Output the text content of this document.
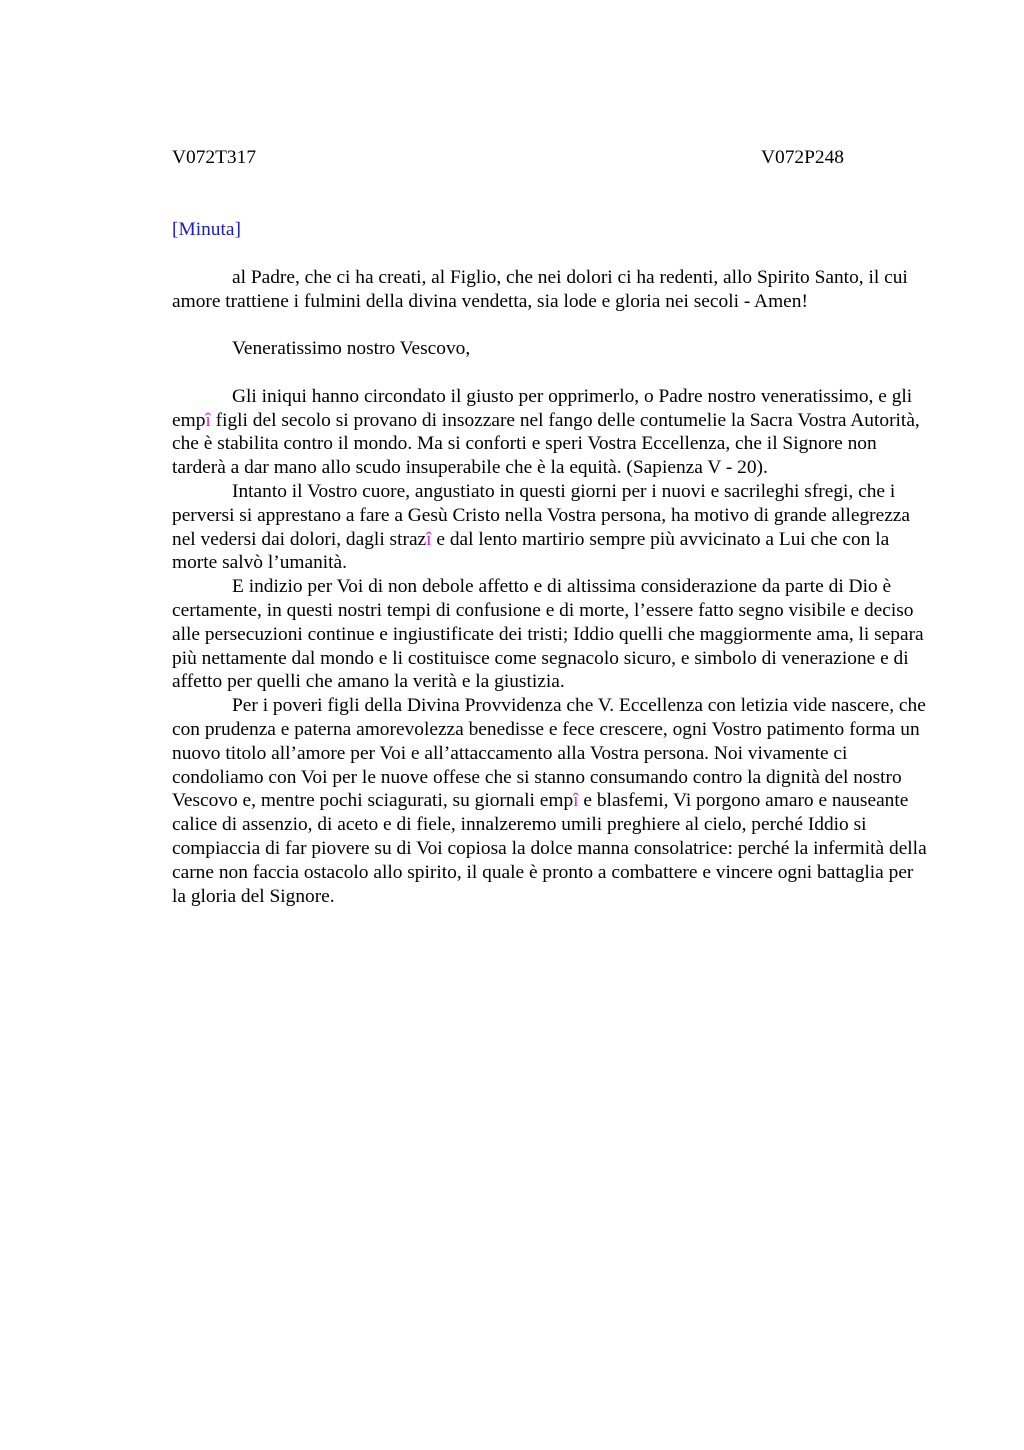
V072T317	V072P248
[Minuta]

al Padre, che ci ha creati, al Figlio, che nei dolori ci ha redenti, allo Spirito Santo, il cui amore trattiene i fulmini della divina vendetta, sia lode e gloria nei secoli - Amen!

Veneratissimo nostro Vescovo,

Gli iniqui hanno circondato il giusto per opprimerlo, o Padre nostro veneratissimo, e gli empî figli del secolo si provano di insozzare nel fango delle contumelie la Sacra Vostra Autorità, che è stabilita contro il mondo. Ma si conforti e speri Vostra Eccellenza, che il Signore non tarderà a dar mano allo scudo insuperabile che è la equità. (Sapienza V - 20).

Intanto il Vostro cuore, angustiato in questi giorni per i nuovi e sacrileghi sfregi, che i perversi si apprestano a fare a Gesù Cristo nella Vostra persona, ha motivo di grande allegrezza nel vedersi dai dolori, dagli strazî e dal lento martirio sempre più avvicinato a Lui che con la morte salvò l’umanità.

E indizio per Voi di non debole affetto e di altissima considerazione da parte di Dio è certamente, in questi nostri tempi di confusione e di morte, l’essere fatto segno visibile e deciso alle persecuzioni continue e ingiustificate dei tristi; Iddio quelli che maggiormente ama, li separa più nettamente dal mondo e li costituisce come segnacolo sicuro, e simbolo di venerazione e di affetto per quelli che amano la verità e la giustizia.

Per i poveri figli della Divina Provvidenza che V. Eccellenza con letizia vide nascere, che con prudenza e paterna amorevolezza benedisse e fece crescere, ogni Vostro patimento forma un nuovo titolo all’amore per Voi e all’attaccamento alla Vostra persona. Noi vivamente ci condoliamo con Voi per le nuove offese che si stanno consumando contro la dignità del nostro Vescovo e, mentre pochi sciagurati, su giornali empî e blasfemi, Vi porgono amaro e nauseante calice di assenzio, di aceto e di fiele, innalzeremo umili preghiere al cielo, perché Iddio si compiaccia di far piovere su di Voi copiosa la dolce manna consolatrice: perché la infermità della carne non faccia ostacolo allo spirito, il quale è pronto a combattere e vincere ogni battaglia per la gloria del Signore.
